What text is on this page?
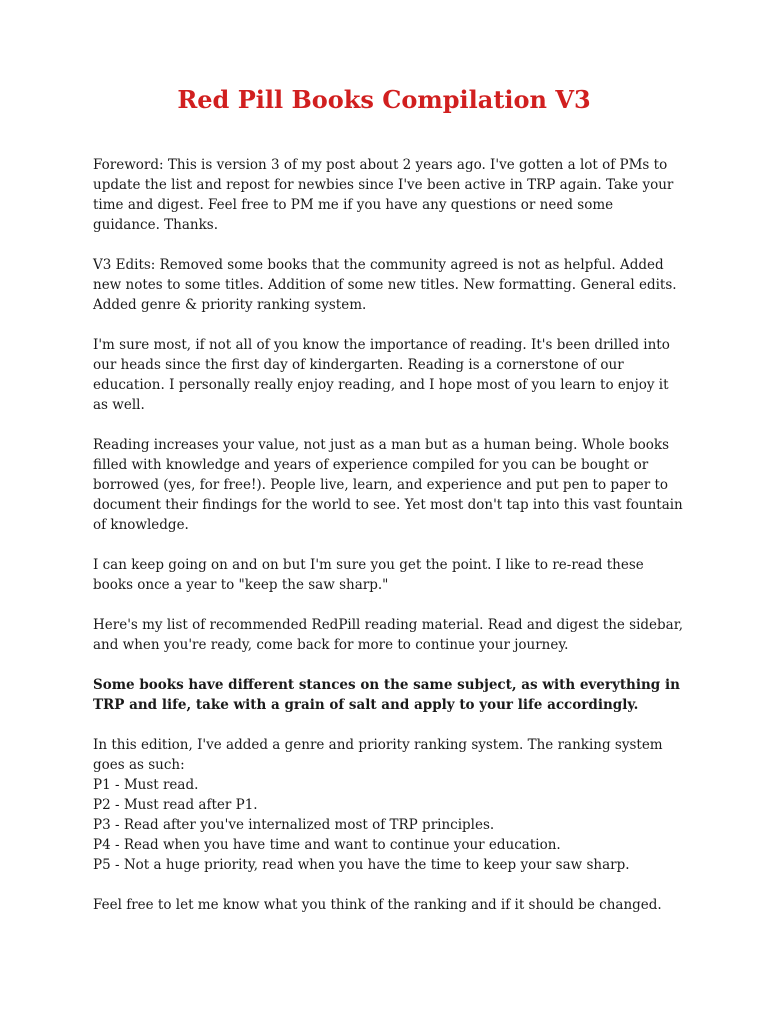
Red Pill Books Compilation V3

Foreword: This is version 3 of my post about 2 years ago. I've gotten a lot of PMs to update the list and repost for newbies since I've been active in TRP again. Take your time and digest. Feel free to PM me if you have any questions or need some guidance. Thanks.

V3 Edits: Removed some books that the community agreed is not as helpful. Added new notes to some titles. Addition of some new titles. New formatting. General edits. Added genre & priority ranking system.

I'm sure most, if not all of you know the importance of reading. It's been drilled into our heads since the first day of kindergarten. Reading is a cornerstone of our education. I personally really enjoy reading, and I hope most of you learn to enjoy it as well.

Reading increases your value, not just as a man but as a human being. Whole books filled with knowledge and years of experience compiled for you can be bought or borrowed (yes, for free!). People live, learn, and experience and put pen to paper to document their findings for the world to see. Yet most don't tap into this vast fountain of knowledge.

I can keep going on and on but I'm sure you get the point. I like to re-read these books once a year to "keep the saw sharp."

Here's my list of recommended RedPill reading material. Read and digest the sidebar, and when you're ready, come back for more to continue your journey.

Some books have different stances on the same subject, as with everything in TRP and life, take with a grain of salt and apply to your life accordingly.

In this edition, I've added a genre and priority ranking system. The ranking system goes as such:
P1 - Must read.
P2 - Must read after P1.
P3 - Read after you've internalized most of TRP principles.
P4 - Read when you have time and want to continue your education.
P5 - Not a huge priority, read when you have the time to keep your saw sharp.

Feel free to let me know what you think of the ranking and if it should be changed.
